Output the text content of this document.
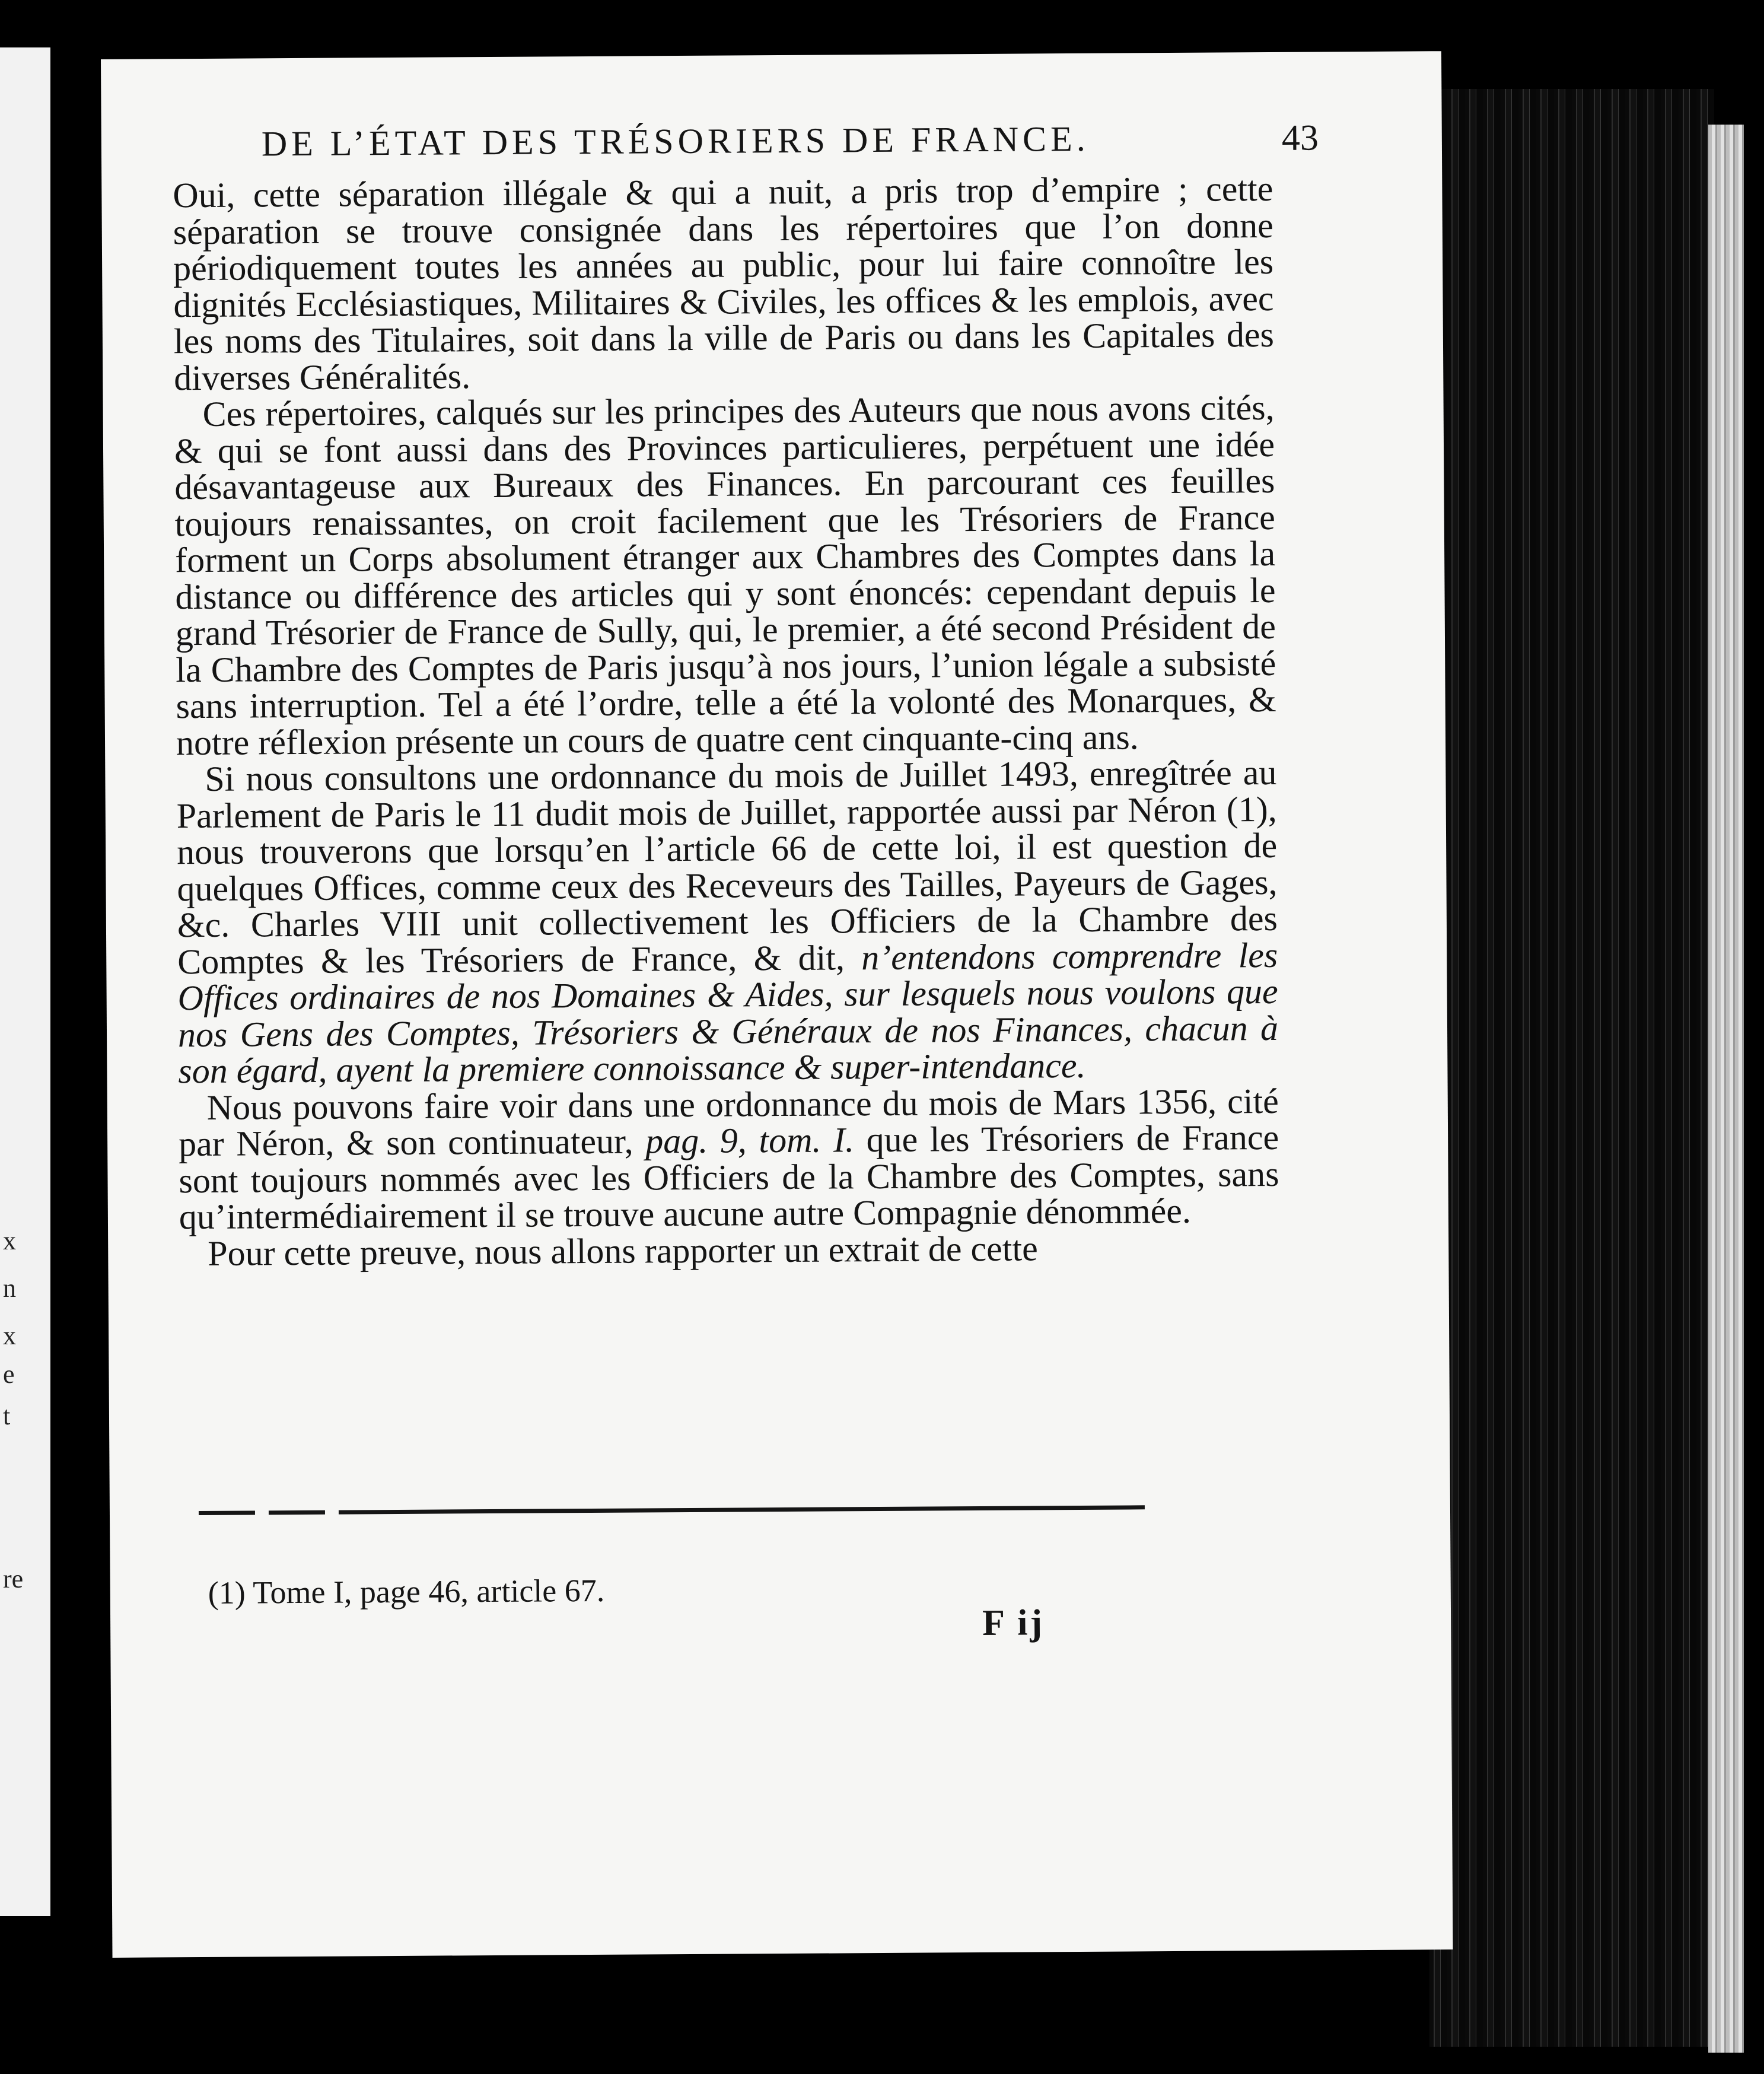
x
n
x
e
t
re
DE L’ÉTAT DES TRÉSORIERS DE FRANCE.	43

Oui, cette séparation illégale & qui a nuit, a pris trop d’empire ; cette séparation se trouve consignée dans les répertoires que l’on donne périodiquement toutes les années au public, pour lui faire connoître les dignités Ecclésiastiques, Militaires & Civiles, les offices & les emplois, avec les noms des Titulaires, soit dans la ville de Paris ou dans les Capitales des diverses Généralités.

Ces répertoires, calqués sur les principes des Auteurs que nous avons cités, & qui se font aussi dans des Provinces particulieres, perpétuent une idée désavantageuse aux Bureaux des Finances. En parcourant ces feuilles toujours renaissantes, on croit facilement que les Trésoriers de France forment un Corps absolument étranger aux Chambres des Comptes dans la distance ou différence des articles qui y sont énoncés: cependant depuis le grand Trésorier de France de Sully, qui, le premier, a été second Président de la Chambre des Comptes de Paris jusqu’à nos jours, l’union légale a subsisté sans interruption. Tel a été l’ordre, telle a été la volonté des Monarques, & notre réflexion présente un cours de quatre cent cinquante-cinq ans.

Si nous consultons une ordonnance du mois de Juillet 1493, enregîtrée au Parlement de Paris le 11 dudit mois de Juillet, rapportée aussi par Néron (1), nous trouverons que lorsqu’en l’article 66 de cette loi, il est question de quelques Offices, comme ceux des Receveurs des Tailles, Payeurs de Gages, &c. Charles VIII unit collectivement les Officiers de la Chambre des Comptes & les Trésoriers de France, & dit, n’entendons comprendre les Offices ordinaires de nos Domaines & Aides, sur lesquels nous voulons que nos Gens des Comptes, Trésoriers & Généraux de nos Finances, chacun à son égard, ayent la premiere connoissance & super-intendance.

Nous pouvons faire voir dans une ordonnance du mois de Mars 1356, cité par Néron, & son continuateur, pag. 9, tom. I. que les Trésoriers de France sont toujours nommés avec les Officiers de la Chambre des Comptes, sans qu’intermédiairement il se trouve aucune autre Compagnie dénommée.

Pour cette preuve, nous allons rapporter un extrait de cette

(1) Tome I, page 46, article 67.
F ij
